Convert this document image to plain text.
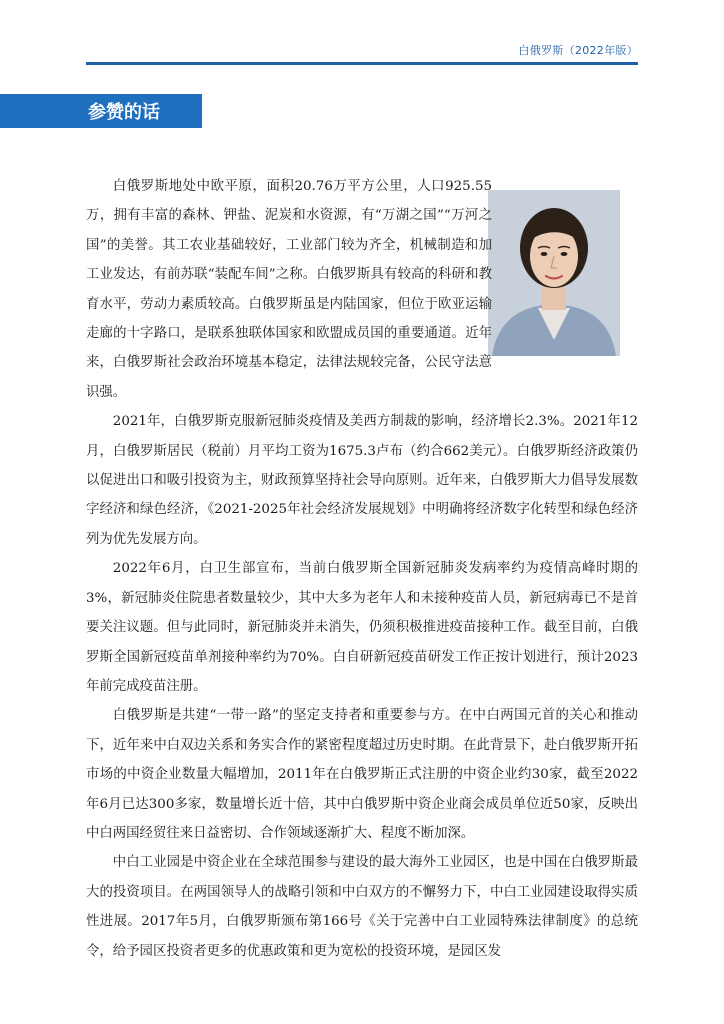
白俄罗斯（2022年版）
参赞的话

白俄罗斯地处中欧平原，面积20.76万平方公里，人口925.55万，拥有丰富的森林、钾盐、泥炭和水资源，有“万湖之国”“万河之国”的美誉。其工农业基础较好，工业部门较为齐全，机械制造和加工业发达，有前苏联“装配车间”之称。白俄罗斯具有较高的科研和教育水平，劳动力素质较高。白俄罗斯虽是内陆国家，但位于欧亚运输走廊的十字路口，是联系独联体国家和欧盟成员国的重要通道。近年来，白俄罗斯社会政治环境基本稳定，法律法规较完备，公民守法意识强。

2021年，白俄罗斯克服新冠肺炎疫情及美西方制裁的影响，经济增长2.3%。2021年12月，白俄罗斯居民（税前）月平均工资为1675.3卢布（约合662美元）。白俄罗斯经济政策仍以促进出口和吸引投资为主，财政预算坚持社会导向原则。近年来，白俄罗斯大力倡导发展数字经济和绿色经济，《2021-2025年社会经济发展规划》中明确将经济数字化转型和绿色经济列为优先发展方向。

2022年6月，白卫生部宣布，当前白俄罗斯全国新冠肺炎发病率约为疫情高峰时期的3%，新冠肺炎住院患者数量较少，其中大多为老年人和未接种疫苗人员，新冠病毒已不是首要关注议题。但与此同时，新冠肺炎并未消失，仍须积极推进疫苗接种工作。截至目前，白俄罗斯全国新冠疫苗单剂接种率约为70%。白自研新冠疫苗研发工作正按计划进行，预计2023年前完成疫苗注册。

白俄罗斯是共建“一带一路”的坚定支持者和重要参与方。在中白两国元首的关心和推动下，近年来中白双边关系和务实合作的紧密程度超过历史时期。在此背景下，赴白俄罗斯开拓市场的中资企业数量大幅增加，2011年在白俄罗斯正式注册的中资企业约30家，截至2022年6月已达300多家，数量增长近十倍，其中白俄罗斯中资企业商会成员单位近50家，反映出中白两国经贸往来日益密切、合作领域逐渐扩大、程度不断加深。

中白工业园是中资企业在全球范围参与建设的最大海外工业园区，也是中国在白俄罗斯最大的投资项目。在两国领导人的战略引领和中白双方的不懈努力下，中白工业园建设取得实质性进展。2017年5月，白俄罗斯颁布第166号《关于完善中白工业园特殊法律制度》的总统令，给予园区投资者更多的优惠政策和更为宽松的投资环境，是园区发
